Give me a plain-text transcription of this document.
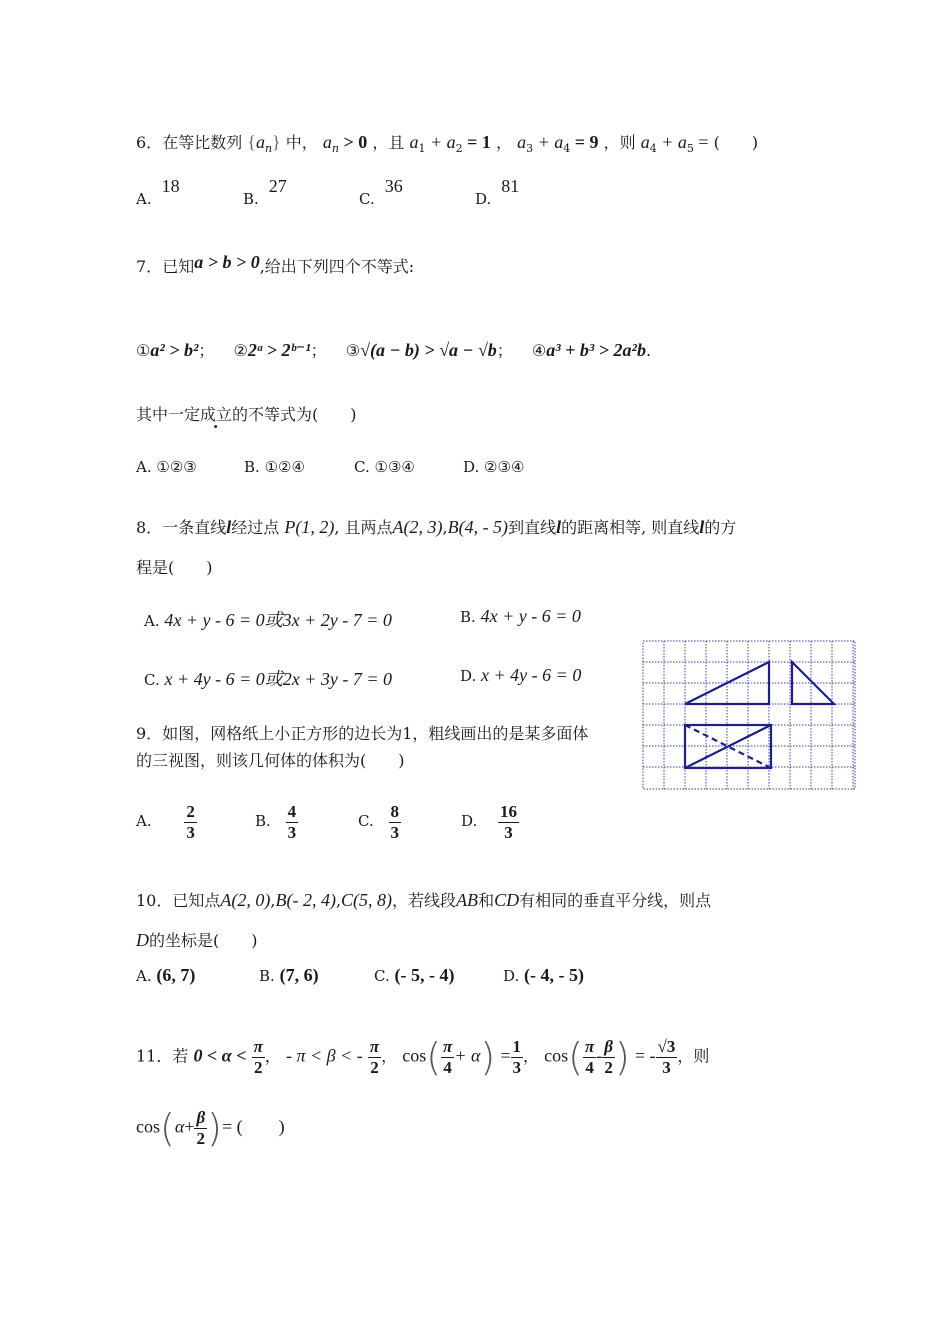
6．在等比数列 $\{a_n\}$ 中， $a_n > 0$ ，且 $a_1 + a_2 = 1$ ， $a_3 + a_4 = 9$ ，则 $a_4 + a_5$ = (　　)
A.18
B.27
C.36
D.81
7．已知a > b > 0,给出下列四个不等式:
①a² > b²； ②2ᵃ > 2ᵇ⁻¹； ③√(a − b) > √a − √b； ④a³ + b³ > 2a²b.
其中一定成立的不等式为(　　)
A. ①②③	B. ①②④	C. ①③④	D. ②③④
8．一条直线l经过点 P(1, 2), 且两点A(2, 3),B(4, - 5)到直线l的距离相等, 则直线l的方
程是(　　)
A. 4x + y - 6 = 0或3x + 2y - 7 = 0	B. 4x + y - 6 = 0
C. x + 4y - 6 = 0或2x + 3y - 7 = 0	D. x + 4y - 6 = 0
9．如图，网格纸上小正方形的边长为1，粗线画出的是某多面体
的三视图，则该几何体的体积为(　　)
A. $\frac{2}{3}$	B. $\frac{4}{3}$	C. $\frac{8}{3}$	D. $\frac{16}{3}$
10．已知点A(2, 0),B(- 2, 4),C(5, 8)，若线段AB和CD有相同的垂直平分线，则点
D的坐标是(　　)
A. (6, 7)	B. (7, 6)	C. (- 5, - 4)	D. (- 4, - 5)
11．若 $0 < \alpha < \frac{\pi}{2}$ ， - π < β < - $\frac{\pi}{2}$ ， $\cos( \frac{\pi}{4} + \alpha) = \frac{1}{3}$ ， $\cos( \frac{\pi}{4} - \frac{\beta}{2}$ ) = - $\frac{√3}{3}$ ，则
$\cos(\alpha+ \frac{\beta}{2}$ )= (　　)
